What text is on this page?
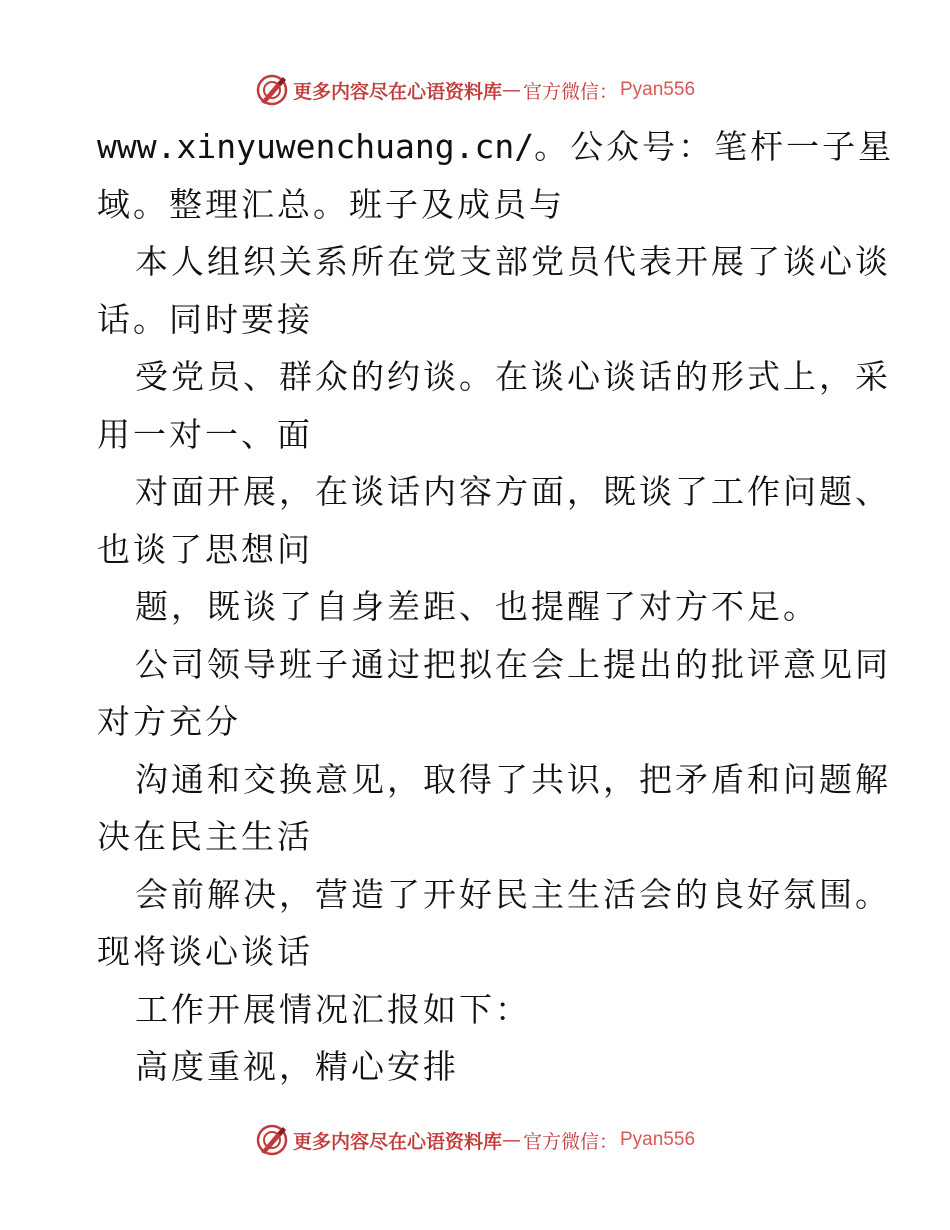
更多内容尽在心语资料库 — 官方微信： Pyan556
www.xinyuwenchuang.cn/。公众号：笔杆一子星
域。整理汇总。班子及成员与
本人组织关系所在党支部党员代表开展了谈心谈
话。同时要接
受党员、群众的约谈。在谈心谈话的形式上，采
用一对一、面
对面开展，在谈话内容方面，既谈了工作问题、
也谈了思想问
题，既谈了自身差距、也提醒了对方不足。
公司领导班子通过把拟在会上提出的批评意见同
对方充分
沟通和交换意见，取得了共识，把矛盾和问题解
决在民主生活
会前解决，营造了开好民主生活会的良好氛围。
现将谈心谈话
工作开展情况汇报如下：
高度重视，精心安排
更多内容尽在心语资料库 — 官方微信： Pyan556
